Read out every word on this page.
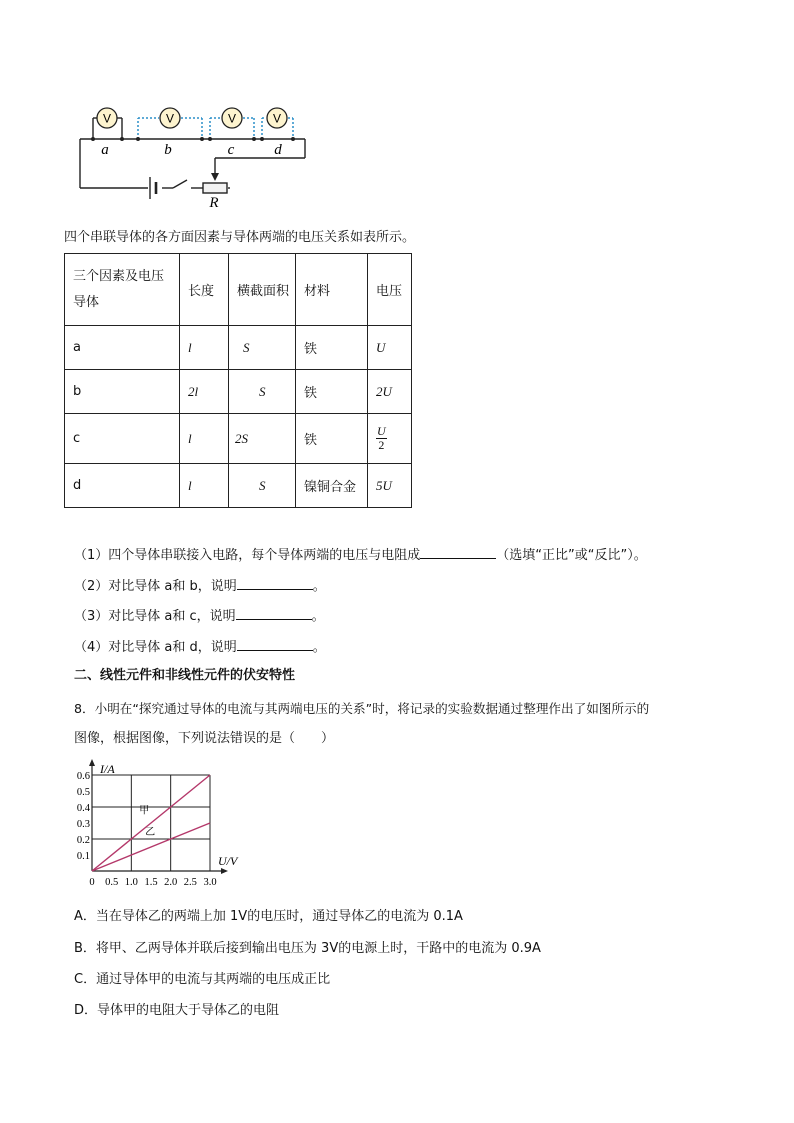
V	V	V	V
a	b	c	d
R
四个串联导体的各方面因素与导体两端的电压关系如表所示。
三个因素及电压
导体	长度	横截面积	材料	电压
a	l	S	铁	U
b	2l	S	铁	2U
c	l	2S	铁	$\frac{U}{2}$

d	l	S	镍铜合金	5U
（1）四个导体串联接入电路，每个导体两端的电压与电阻成	（选填“正比”或“反比”）。
（2）对比导体 a和 b，说明	。
（3）对比导体 a和 c，说明	。
（4）对比导体 a和 d，说明	。
二、线性元件和非线性元件的伏安特性
8．小明在“探究通过导体的电流与其两端电压的关系”时，将记录的实验数据通过整理作出了如图所示的
图像，根据图像，下列说法错误的是（　　）
甲
乙
0 0.5 1.0 1.5 2.0 2.5 3.0
0.1
0.2
0.3
0.4
0.5
0.6
I/A
U/V
A．当在导体乙的两端上加 1V的电压时，通过导体乙的电流为 0.1A
B．将甲、乙两导体并联后接到输出电压为 3V的电源上时，干路中的电流为 0.9A
C．通过导体甲的电流与其两端的电压成正比
D．导体甲的电阻大于导体乙的电阻
